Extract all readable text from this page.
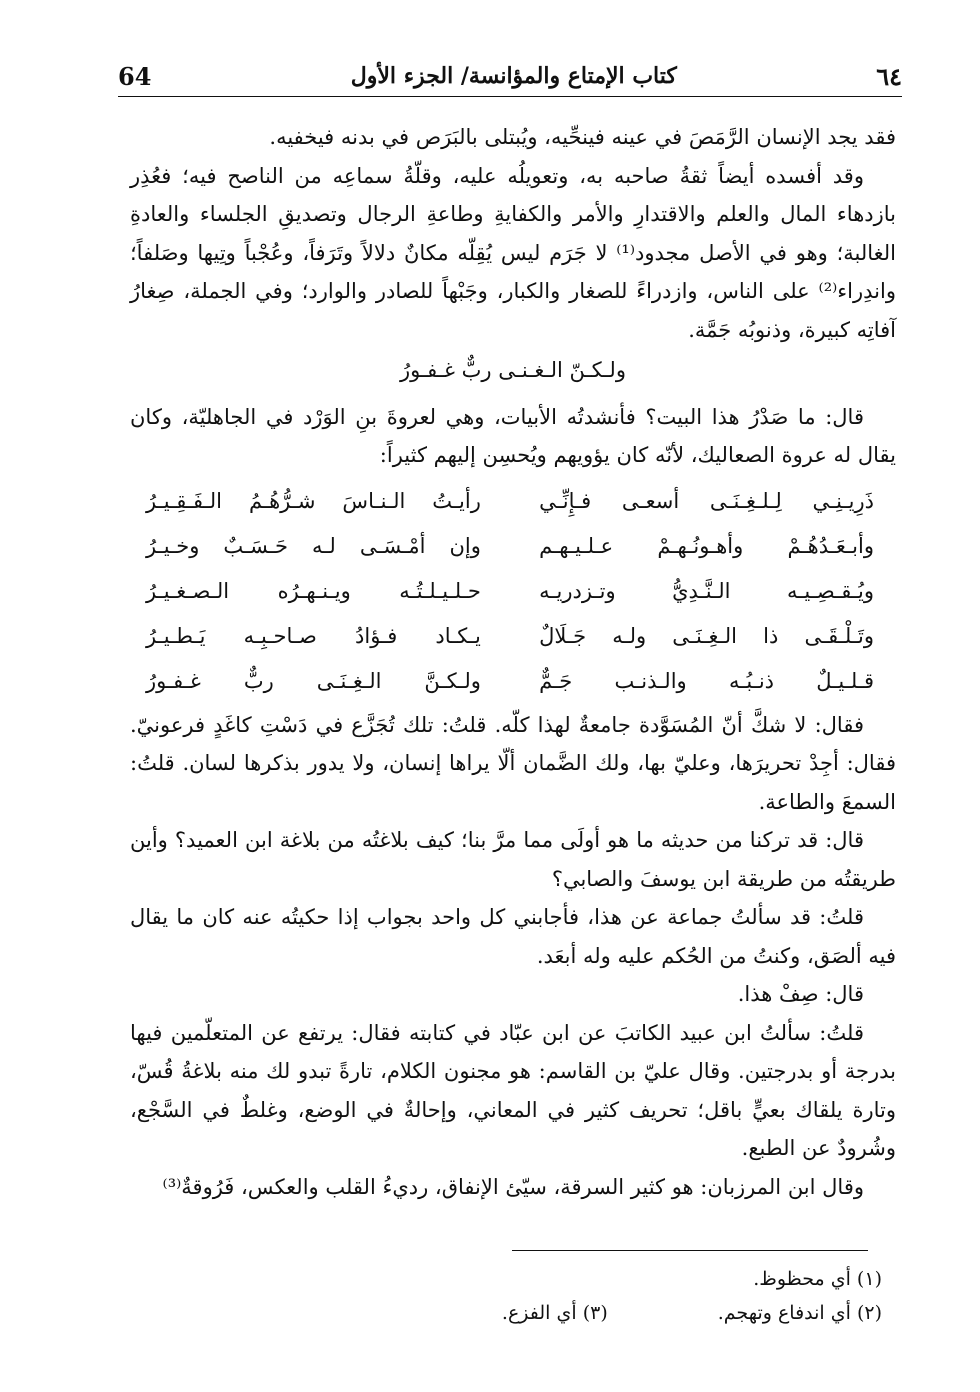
64	كتاب الإمتاع والمؤانسة/ الجزء الأول	٦٤

فقد يجد الإنسان الرَّمَصَ في عينه فينحِّيه، ويُبتلى بالبَرَص في بدنه فيخفيه.

وقد أفسده أيضاً ثقةُ صاحبه به، وتعويلُه عليه، وقلّةُ سماعِه من الناصح فيه؛ فعُذِر بازدهاء المال والعلم والاقتدارِ والأمر والكفايةِ وطاعةِ الرجال وتصديقِ الجلساء والعادةِ الغالبة؛ وهو في الأصل مجدود⁽¹⁾ لا جَرَم ليس يُقِلّه مكانٌ دلالاً وتَرَفاً، وعُجْباً وتِيها وصَلفاً؛ واندِراء⁽²⁾ على الناس، وازدراءً للصغار والكبار، وجَبْهاً للصادر والوارد؛ وفي الجملة، صِغارُ آفاتِه كبيرة، وذنوبُه جَمَّة.

ولـكـنّ الـغـنـى ربٌّ غـفـورُ

قال: ما صَدْرُ هذا البيت؟ فأنشدتُه الأبيات، وهي لعروةَ بنِ الوَرْد في الجاهليّة، وكان يقال له عروة الصعاليك، لأنّه كان يؤويهم ويُحسِن إليهم كثيراً:

ذَرِيـنِـي لِـلـغِـنَـى أسعـى فـإِنِّـي
رأيـتُ الـنـاسَ شـرُّهُـمُ الـفَـقِـيـرُ
وأبـعَـدُهُـمْ وأهـونُـهـمْ عـلـيـهـم
وإن أمْـسَـى لـه حَـسَـبٌ وخـيـرُ
ويُـقـصِـيـه الـنَّـدِيُّ وتـزدريـه
حـلـيـلـتُـه ويـنـهـرُه الـصـغـيـرُ
وتَـلْـقَـى ذا الـغِـنَـى ولـه جَـلَالٌ
يـكـاد فـؤادُ صـاحـبِـه يَـطـيـرُ
قـلـيـلٌ ذنـبُـه والـذنـب جَـمٌّ
ولـكـنَّ الـغِـنَـى ربٌّ غـفـورُ

فقال: لا شكَّ أنّ المُسَوَّدة جامعةٌ لهذا كلّه. قلتُ: تلك تُجَزَّع في دَسْتِ كاغَدٍ فرعونيّ. فقال: أجِدْ تحريرَها، وعليّ بها، ولك الضَّمان ألّا يراها إنسان، ولا يدور بذكرها لسان. قلتُ: السمعَ والطاعة.

قال: قد تركنا من حديثه ما هو أولَى مما مرَّ بنا؛ كيف بلاغتُه من بلاغة ابن العميد؟ وأين طريقتُه من طريقة ابن يوسفَ والصابي؟

قلتُ: قد سألتُ جماعة عن هذا، فأجابني كل واحد بجواب إذا حكيتُه عنه كان ما يقال فيه ألصَق، وكنتُ من الحُكم عليه وله أبعَد.

قال: صِفْ هذا.

قلتُ: سألتُ ابن عبيد الكاتبَ عن ابن عبّاد في كتابته فقال: يرتفع عن المتعلّمين فيها بدرجة أو بدرجتين. وقال عليّ بن القاسم: هو مجنون الكلام، تارةً تبدو لك منه بلاغةُ قُسّ، وتارة يلقاك بعيٍّ باقل؛ تحريف كثير في المعاني، وإحالةٌ في الوضع، وغلطٌ في السَّجْع، وشُرودٌ عن الطبع.

وقال ابن المرزبان: هو كثير السرقة، سيّئ الإنفاق، رديءُ القلب والعكس، فَرُوقةٌ⁽³⁾

(١) أي محظوظ.
(٢) أي اندفاع وتهجم.
(٣) أي الفزع.
